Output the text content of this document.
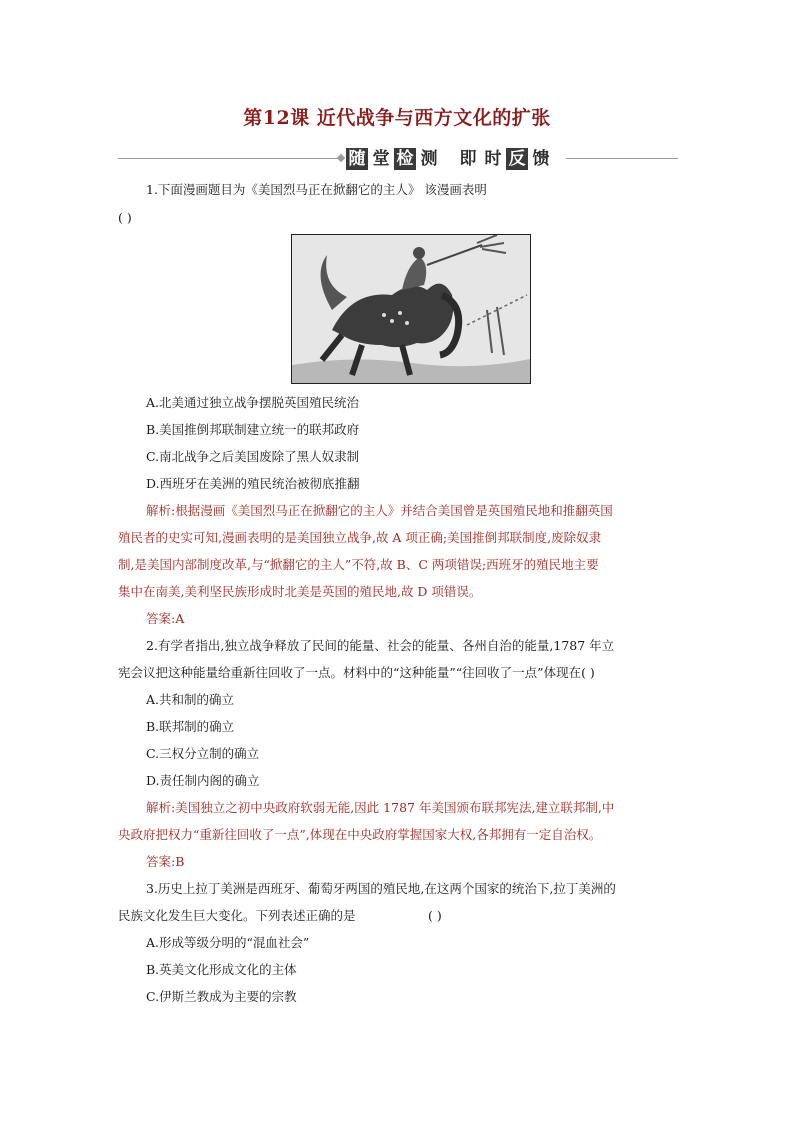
第12课 近代战争与西方文化的扩张
随 堂 检 测 即 时 反 馈
1.下面漫画题目为《美国烈马正在掀翻它的主人》 该漫画表明
( )
A.北美通过独立战争摆脱英国殖民统治
B.美国推倒邦联制建立统一的联邦政府
C.南北战争之后美国废除了黑人奴隶制
D.西班牙在美洲的殖民统治被彻底推翻
解析:根据漫画《美国烈马正在掀翻它的主人》并结合美国曾是英国殖民地和推翻英国
殖民者的史实可知,漫画表明的是美国独立战争,故 A 项正确;美国推倒邦联制度,废除奴隶
制,是美国内部制度改革,与“掀翻它的主人”不符,故 B、C 两项错误;西班牙的殖民地主要
集中在南美,美利坚民族形成时北美是英国的殖民地,故 D 项错误。
答案:A
2.有学者指出,独立战争释放了民间的能量、社会的能量、各州自治的能量,1787 年立
宪会议把这种能量给重新往回收了一点。材料中的“这种能量”“往回收了一点”体现在( )
A.共和制的确立
B.联邦制的确立
C.三权分立制的确立
D.责任制内阁的确立
解析:美国独立之初中央政府软弱无能,因此 1787 年美国颁布联邦宪法,建立联邦制,中
央政府把权力“重新往回收了一点”,体现在中央政府掌握国家大权,各邦拥有一定自治权。
答案:B
3.历史上拉丁美洲是西班牙、葡萄牙两国的殖民地,在这两个国家的统治下,拉丁美洲的
民族文化发生巨大变化。下列表述正确的是	( )
A.形成等级分明的“混血社会”
B.英美文化形成文化的主体
C.伊斯兰教成为主要的宗教
